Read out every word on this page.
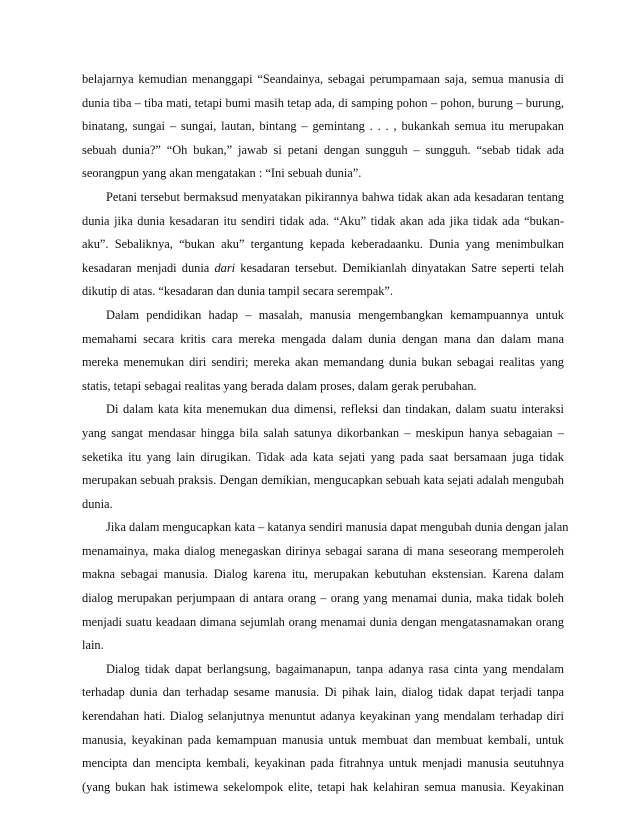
belajarnya kemudian menanggapi “Seandainya, sebagai perumpamaan saja, semua manusia di
dunia tiba – tiba mati, tetapi bumi masih tetap ada, di samping pohon – pohon, burung – burung,
binatang, sungai – sungai, lautan, bintang – gemintang . . . , bukankah semua itu merupakan
sebuah dunia?” “Oh bukan,” jawab si petani dengan sungguh – sungguh. “sebab tidak ada
seorangpun yang akan mengatakan : “Ini sebuah dunia”.
Petani tersebut bermaksud menyatakan pikirannya bahwa tidak akan ada kesadaran tentang
dunia jika dunia kesadaran itu sendiri tidak ada. “Aku” tidak akan ada jika tidak ada “bukan-
aku”. Sebaliknya, “bukan aku” tergantung kepada keberadaanku. Dunia yang menimbulkan
kesadaran menjadi dunia dari kesadaran tersebut. Demikianlah dinyatakan Satre seperti telah
dikutip di atas. “kesadaran dan dunia tampil secara serempak”.
Dalam pendidikan hadap – masalah, manusia mengembangkan kemampuannya untuk
memahami secara kritis cara mereka mengada dalam dunia dengan mana dan dalam mana
mereka menemukan diri sendiri; mereka akan memandang dunia bukan sebagai realitas yang
statis, tetapi sebagai realitas yang berada dalam proses, dalam gerak perubahan.
Di dalam kata kita menemukan dua dimensi, refleksi dan tindakan, dalam suatu interaksi
yang sangat mendasar hingga bila salah satunya dikorbankan – meskipun hanya sebagaian –
seketika itu yang lain dirugikan. Tidak ada kata sejati yang pada saat bersamaan juga tidak
merupakan sebuah praksis. Dengan demikian, mengucapkan sebuah kata sejati adalah mengubah
dunia.
Jika dalam mengucapkan kata – katanya sendiri manusia dapat mengubah dunia dengan jalan
menamainya, maka dialog menegaskan dirinya sebagai sarana di mana seseorang memperoleh
makna sebagai manusia. Dialog karena itu, merupakan kebutuhan ekstensian. Karena dalam
dialog merupakan perjumpaan di antara orang – orang yang menamai dunia, maka tidak boleh
menjadi suatu keadaan dimana sejumlah orang menamai dunia dengan mengatasnamakan orang
lain.
Dialog tidak dapat berlangsung, bagaimanapun, tanpa adanya rasa cinta yang mendalam
terhadap dunia dan terhadap sesame manusia. Di pihak lain, dialog tidak dapat terjadi tanpa
kerendahan hati. Dialog selanjutnya menuntut adanya keyakinan yang mendalam terhadap diri
manusia, keyakinan pada kemampuan manusia untuk membuat dan membuat kembali, untuk
mencipta dan mencipta kembali, keyakinan pada fitrahnya untuk menjadi manusia seutuhnya
(yang bukan hak istimewa sekelompok elite, tetapi hak kelahiran semua manusia. Keyakinan
